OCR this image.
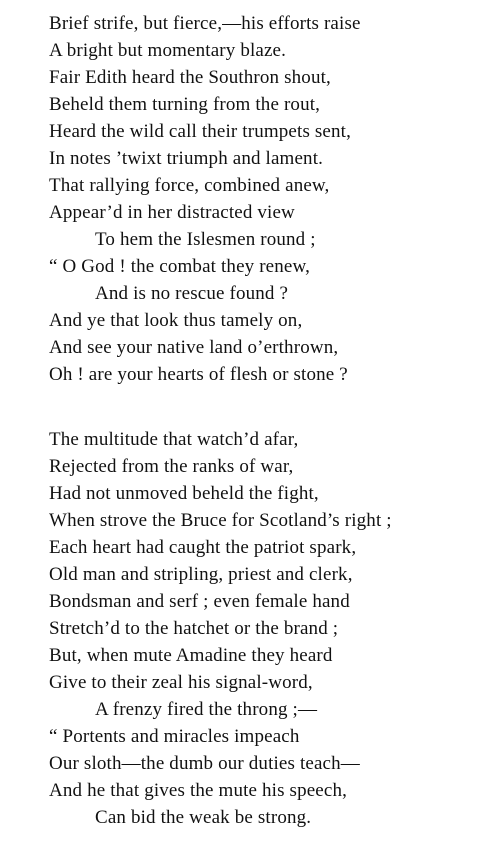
Brief strife, but fierce,—his efforts raise
A bright but momentary blaze.
Fair Edith heard the Southron shout,
Beheld them turning from the rout,
Heard the wild call their trumpets sent,
In notes ’twixt triumph and lament.
That rallying force, combined anew,
Appear’d in her distracted view
To hem the Islesmen round ;
“ O God ! the combat they renew,
And is no rescue found ?
And ye that look thus tamely on,
And see your native land o’erthrown,
Oh ! are your hearts of flesh or stone ?
The multitude that watch’d afar,
Rejected from the ranks of war,
Had not unmoved beheld the fight,
When strove the Bruce for Scotland’s right ;
Each heart had caught the patriot spark,
Old man and stripling, priest and clerk,
Bondsman and serf ; even female hand
Stretch’d to the hatchet or the brand ;
But, when mute Amadine they heard
Give to their zeal his signal-word,
A frenzy fired the throng ;—
“ Portents and miracles impeach
Our sloth—the dumb our duties teach—
And he that gives the mute his speech,
Can bid the weak be strong.
